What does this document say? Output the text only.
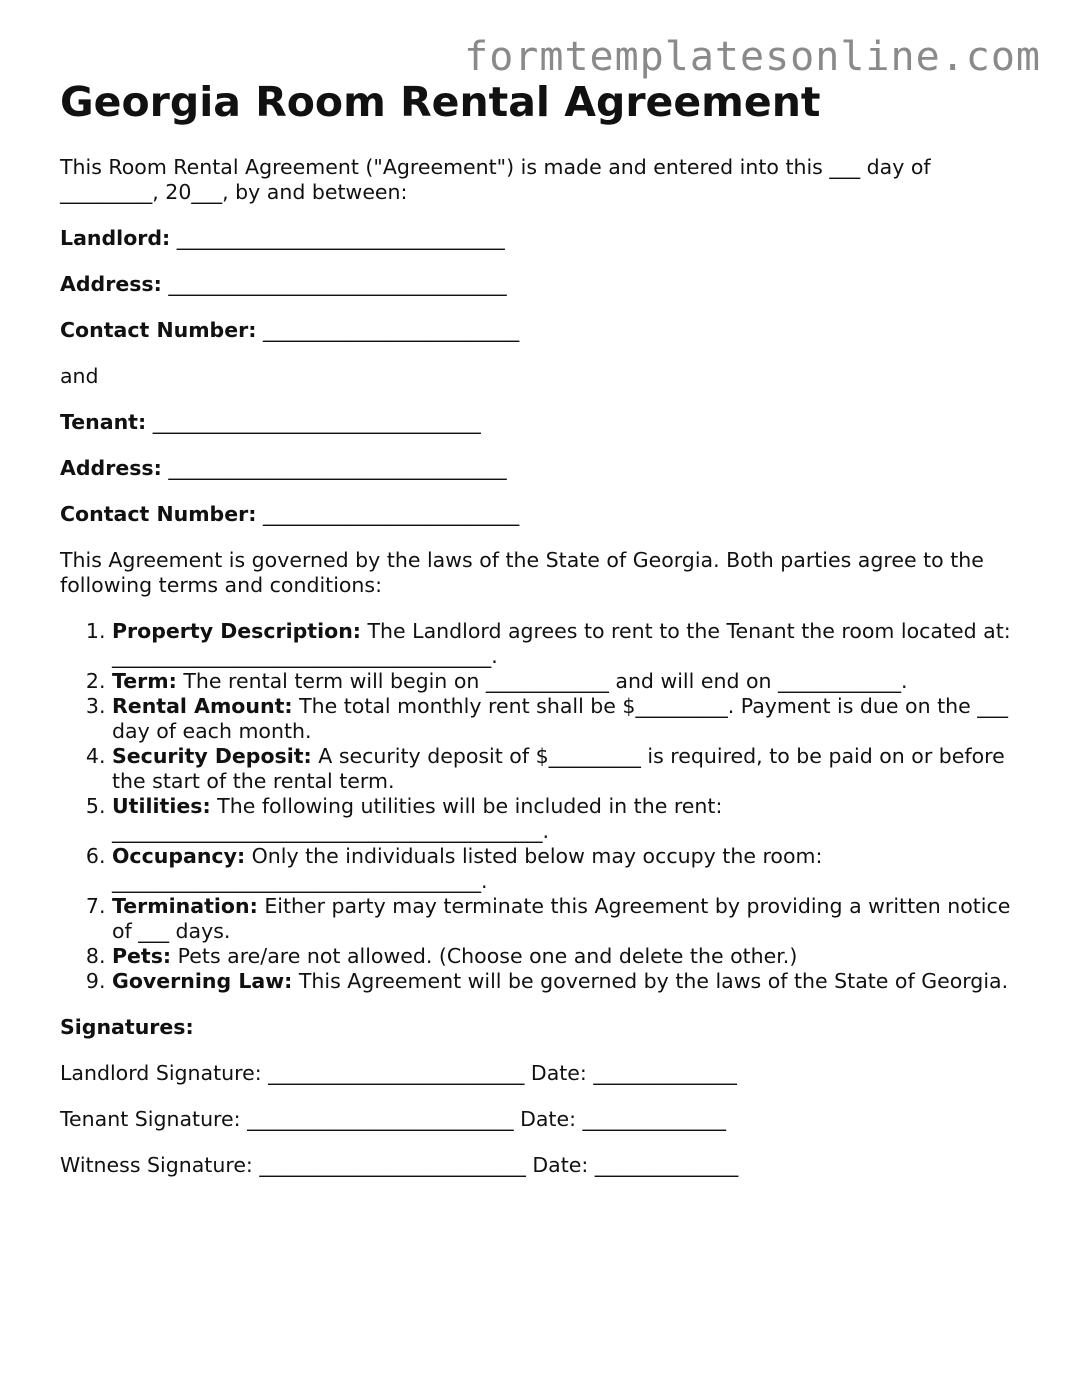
formtemplatesonline.com
Georgia Room Rental Agreement

This Room Rental Agreement ("Agreement") is made and entered into this ___ day of
_________, 20___, by and between:

Landlord: ________________________________

Address: _________________________________

Contact Number: _________________________

and

Tenant: ________________________________

Address: _________________________________

Contact Number: _________________________

This Agreement is governed by the laws of the State of Georgia. Both parties agree to the
following terms and conditions:

1. Property Description: The Landlord agrees to rent to the Tenant the room located at: _____________________________________.
2. Term: The rental term will begin on ____________ and will end on ____________.
3. Rental Amount: The total monthly rent shall be $_________. Payment is due on the ___ day of each month.
4. Security Deposit: A security deposit of $_________ is required, to be paid on or before the start of the rental term.
5. Utilities: The following utilities will be included in the rent: __________________________________________.
6. Occupancy: Only the individuals listed below may occupy the room: ____________________________________.
7. Termination: Either party may terminate this Agreement by providing a written notice of ___ days.
8. Pets: Pets are/are not allowed. (Choose one and delete the other.)
9. Governing Law: This Agreement will be governed by the laws of the State of Georgia.

Signatures:

Landlord Signature: _________________________ Date: ______________

Tenant Signature: __________________________ Date: ______________

Witness Signature: __________________________ Date: ______________
